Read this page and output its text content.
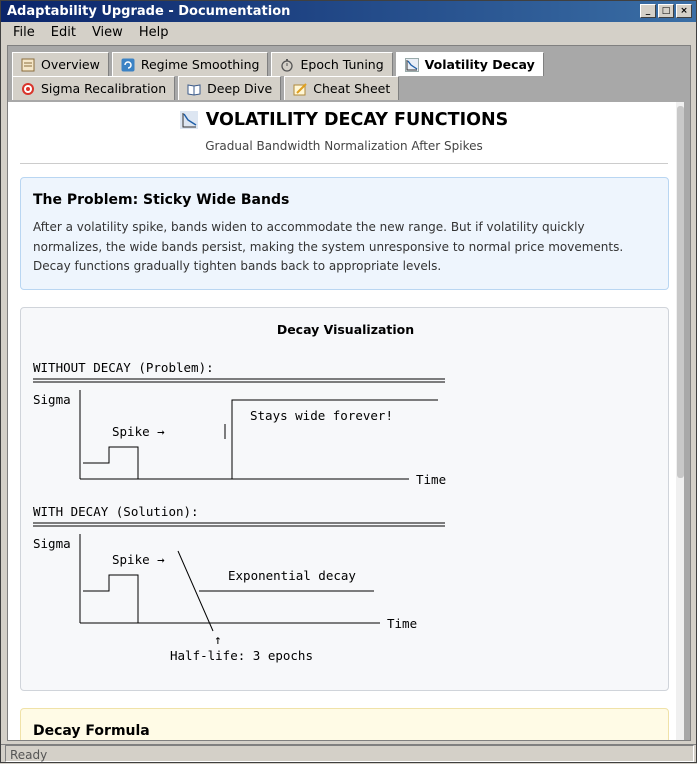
Adaptability Upgrade - Documentation	_	□	×
File	Edit	View	Help
Overview	Regime Smoothing	Epoch Tuning	Volatility Decay
Sigma Recalibration	Deep Dive	Cheat Sheet
VOLATILITY DECAY FUNCTIONS
Gradual Bandwidth Normalization After Spikes
The Problem: Sticky Wide Bands
After a volatility spike, bands widen to accommodate the new range. But if volatility quickly normalizes, the wide bands persist, making the system unresponsive to normal price movements. Decay functions gradually tighten bands back to appropriate levels.
Decay Visualization
WITHOUT DECAY (Problem):
Sigma
Spike →
Stays wide forever!
Time
WITH DECAY (Solution):
Sigma
Spike →
Exponential decay
Time
↑
Half-life: 3 epochs
Decay Formula
Ready
